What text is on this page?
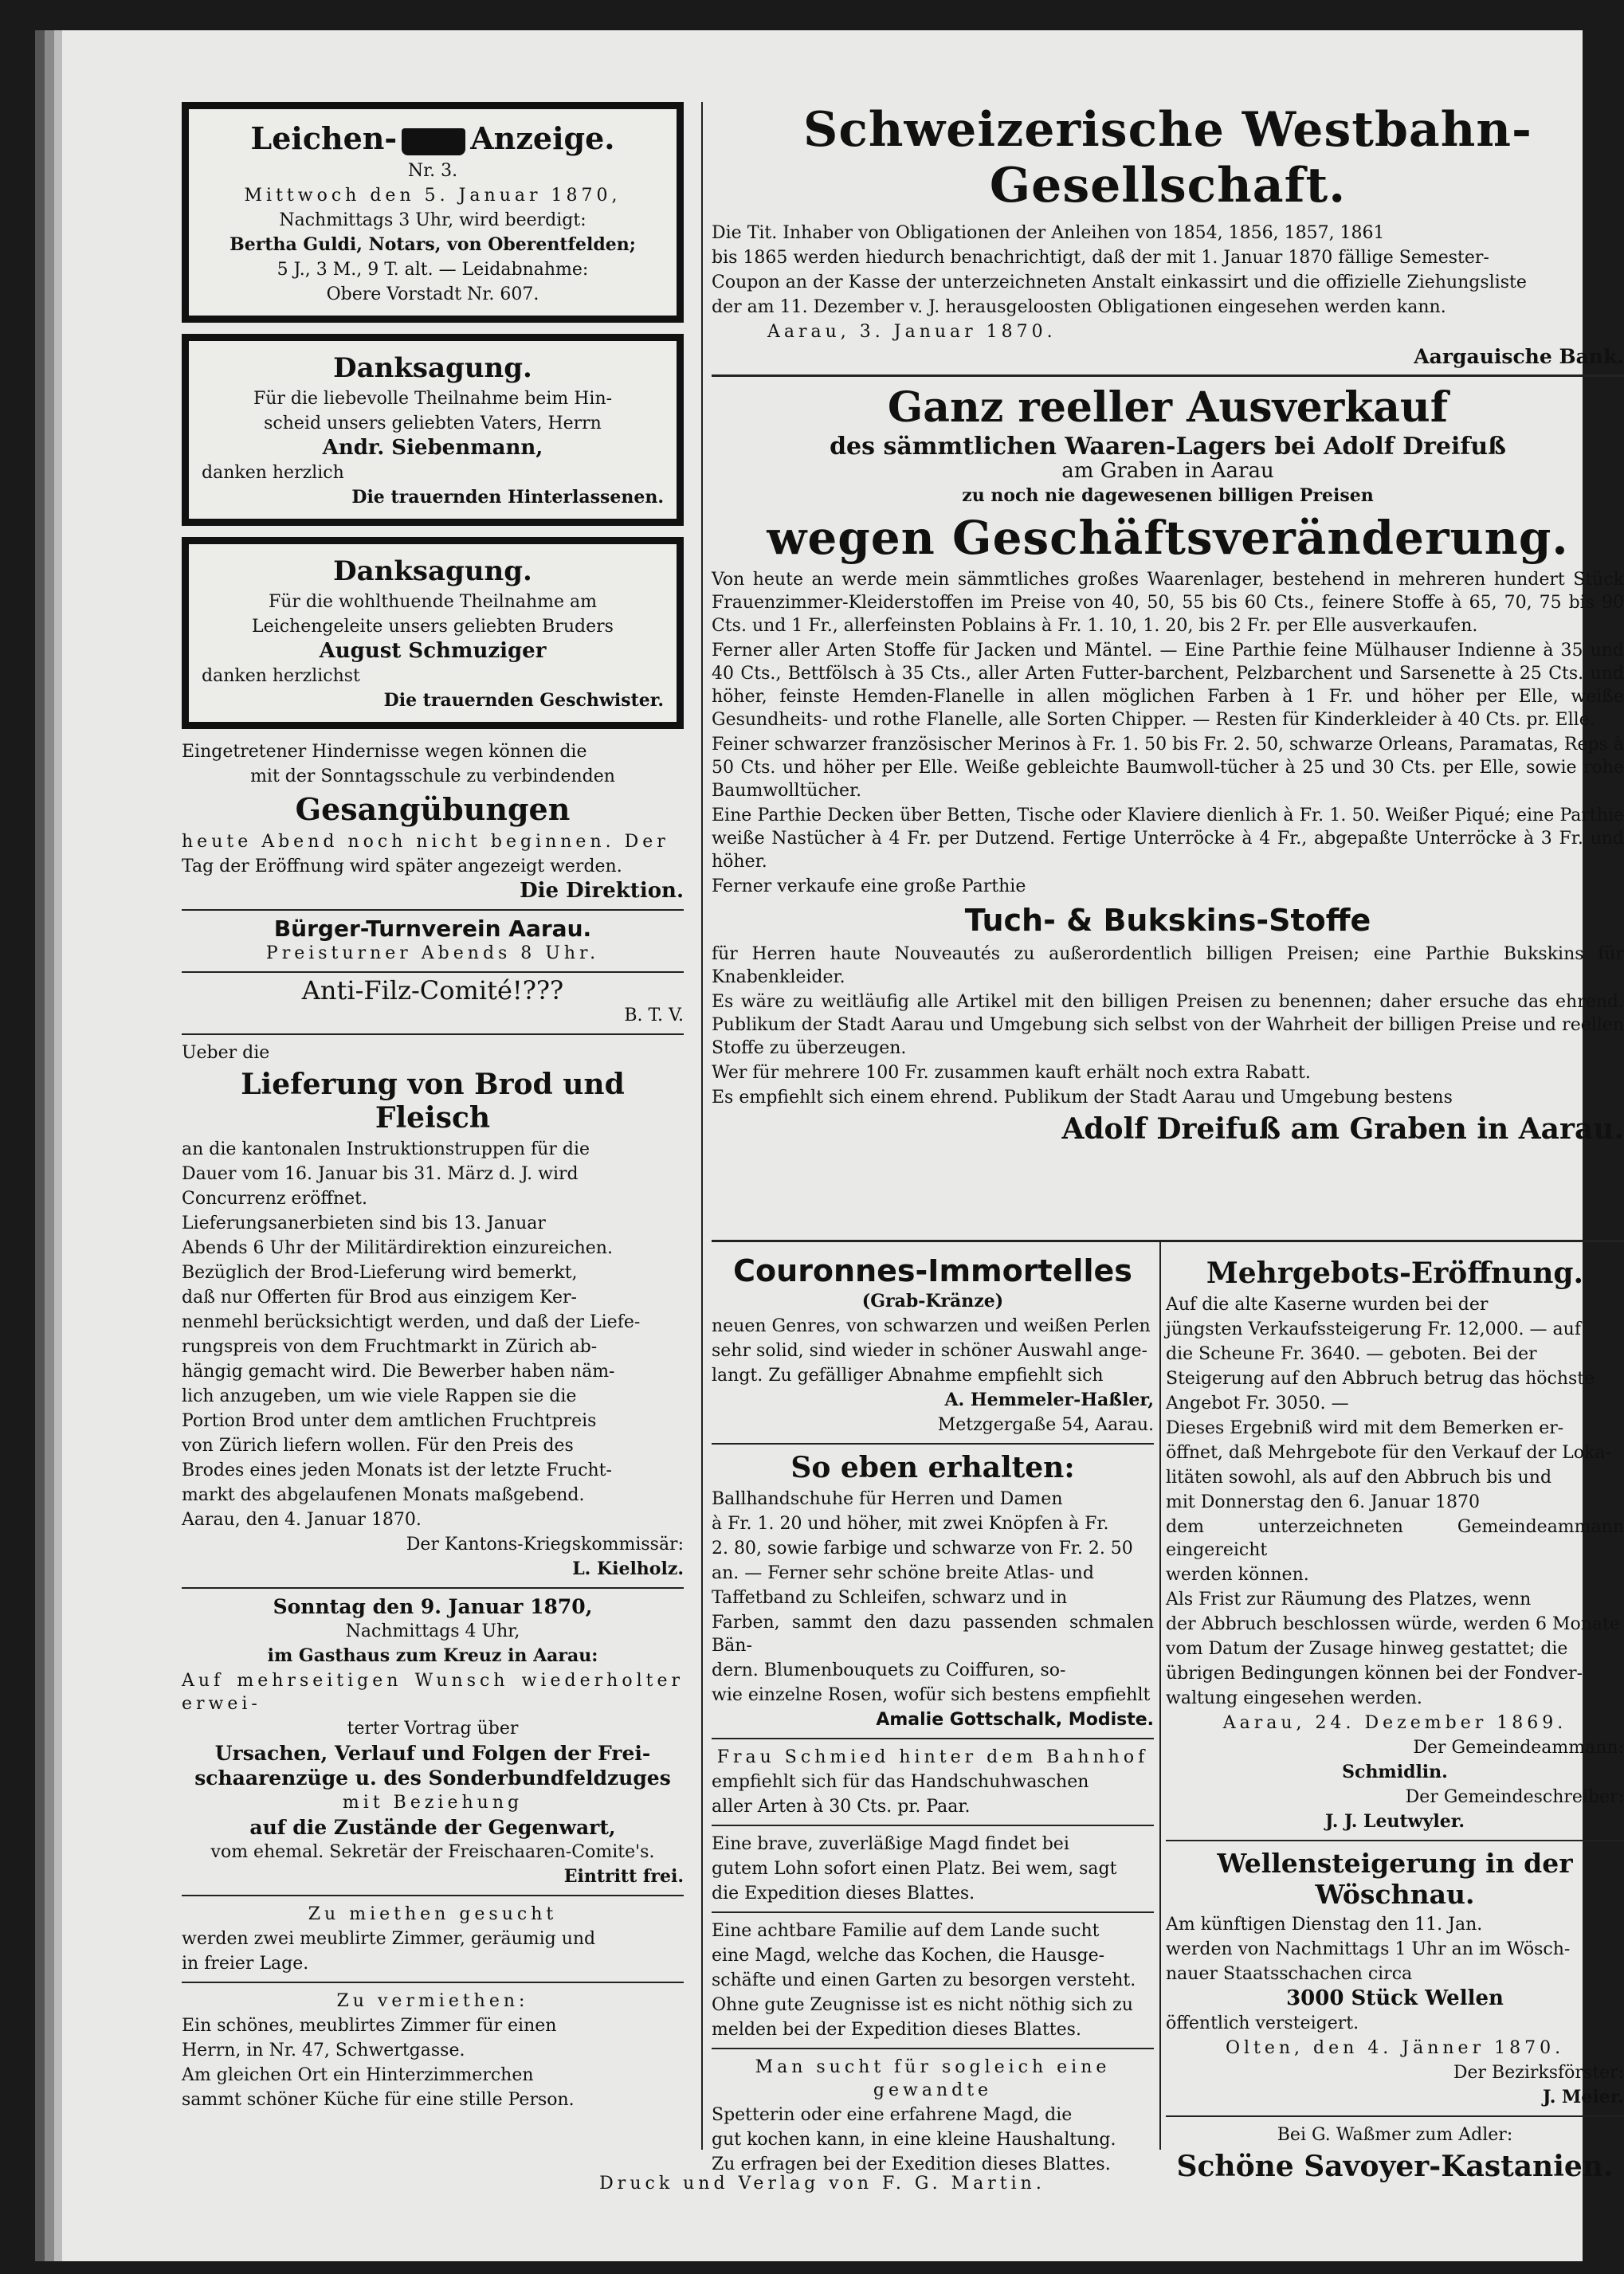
Leichen- Anzeige.

Nr. 3.

Mittwoch den 5. Januar 1870,

Nachmittags 3 Uhr, wird beerdigt:

Bertha Guldi, Notars, von Oberentfelden;

5 J., 3 M., 9 T. alt. — Leidabnahme:

Obere Vorstadt Nr. 607.

Danksagung.

Für die liebevolle Theilnahme beim Hin-

scheid unsers geliebten Vaters, Herrn

Andr. Siebenmann,

danken herzlich

Die trauernden Hinterlassenen.

Danksagung.

Für die wohlthuende Theilnahme am

Leichengeleite unsers geliebten Bruders

August Schmuziger

danken herzlichst

Die trauernden Geschwister.

Eingetretener Hindernisse wegen können die

mit der Sonntagsschule zu verbindenden

Gesangübungen

heute Abend noch nicht beginnen. Der

Tag der Eröffnung wird später angezeigt werden.

Die Direktion.

Bürger-Turnverein Aarau.

Preisturner Abends 8 Uhr.

Anti-Filz-Comité!???

B. T. V.

Ueber die

Lieferung von Brod und Fleisch

an die kantonalen Instruktionstruppen für die

Dauer vom 16. Januar bis 31. März d. J. wird

Concurrenz eröffnet.

Lieferungsanerbieten sind bis 13. Januar

Abends 6 Uhr der Militärdirektion einzureichen.

Bezüglich der Brod-Lieferung wird bemerkt,

daß nur Offerten für Brod aus einzigem Ker-

nenmehl berücksichtigt werden, und daß der Liefe-

rungspreis von dem Fruchtmarkt in Zürich ab-

hängig gemacht wird. Die Bewerber haben näm-

lich anzugeben, um wie viele Rappen sie die

Portion Brod unter dem amtlichen Fruchtpreis

von Zürich liefern wollen. Für den Preis des

Brodes eines jeden Monats ist der letzte Frucht-

markt des abgelaufenen Monats maßgebend.

Aarau, den 4. Januar 1870.

Der Kantons-Kriegskommissär:

L. Kielholz.

Sonntag den 9. Januar 1870,

Nachmittags 4 Uhr,

im Gasthaus zum Kreuz in Aarau:

Auf mehrseitigen Wunsch wiederholter erwei-

terter Vortrag über

Ursachen, Verlauf und Folgen der Frei-

schaarenzüge u. des Sonderbundfeldzuges

mit Beziehung

auf die Zustände der Gegenwart,

vom ehemal. Sekretär der Freischaaren-Comite's.

Eintritt frei.

Zu miethen gesucht

werden zwei meublirte Zimmer, geräumig und

in freier Lage.

Zu vermiethen:

Ein schönes, meublirtes Zimmer für einen

Herrn, in Nr. 47, Schwertgasse.

Am gleichen Ort ein Hinterzimmerchen

sammt schöner Küche für eine stille Person.

Schweizerische Westbahn-Gesellschaft.

Die Tit. Inhaber von Obligationen der Anleihen von 1854, 1856, 1857, 1861

bis 1865 werden hiedurch benachrichtigt, daß der mit 1. Januar 1870 fällige Semester-

Coupon an der Kasse der unterzeichneten Anstalt einkassirt und die offizielle Ziehungsliste

der am 11. Dezember v. J. herausgeloosten Obligationen eingesehen werden kann.

Aarau, 3. Januar 1870.

Aargauische Bank.

Ganz reeller Ausverkauf

des sämmtlichen Waaren-Lagers bei Adolf Dreifuß

am Graben in Aarau

zu noch nie dagewesenen billigen Preisen

wegen Geschäftsveränderung.

Von heute an werde mein sämmtliches großes Waarenlager, bestehend in mehreren hundert Stück Frauenzimmer-Kleiderstoffen im Preise von 40, 50, 55 bis 60 Cts., feinere Stoffe à 65, 70, 75 bis 90 Cts. und 1 Fr., allerfeinsten Poblains à Fr. 1. 10, 1. 20, bis 2 Fr. per Elle ausverkaufen.

Ferner aller Arten Stoffe für Jacken und Mäntel. — Eine Parthie feine Mülhauser Indienne à 35 und 40 Cts., Bettfölsch à 35 Cts., aller Arten Futter-barchent, Pelzbarchent und Sarsenette à 25 Cts. und höher, feinste Hemden-Flanelle in allen möglichen Farben à 1 Fr. und höher per Elle, weiße Gesundheits- und rothe Flanelle, alle Sorten Chipper. — Resten für Kinderkleider à 40 Cts. pr. Elle.

Feiner schwarzer französischer Merinos à Fr. 1. 50 bis Fr. 2. 50, schwarze Orleans, Paramatas, Reps à 50 Cts. und höher per Elle. Weiße gebleichte Baumwoll-tücher à 25 und 30 Cts. per Elle, sowie rohe Baumwolltücher.

Eine Parthie Decken über Betten, Tische oder Klaviere dienlich à Fr. 1. 50. Weißer Piqué; eine Parthie weiße Nastücher à 4 Fr. per Dutzend. Fertige Unterröcke à 4 Fr., abgepaßte Unterröcke à 3 Fr. und höher.

Ferner verkaufe eine große Parthie

Tuch- & Bukskins-Stoffe

für Herren haute Nouveautés zu außerordentlich billigen Preisen; eine Parthie Bukskins für Knabenkleider.

Es wäre zu weitläufig alle Artikel mit den billigen Preisen zu benennen; daher ersuche das ehrend. Publikum der Stadt Aarau und Umgebung sich selbst von der Wahrheit der billigen Preise und reellen Stoffe zu überzeugen.

Wer für mehrere 100 Fr. zusammen kauft erhält noch extra Rabatt.

Es empfiehlt sich einem ehrend. Publikum der Stadt Aarau und Umgebung bestens

Adolf Dreifuß am Graben in Aarau.

Couronnes-Immortelles

(Grab-Kränze)

neuen Genres, von schwarzen und weißen Perlen

sehr solid, sind wieder in schöner Auswahl ange-

langt. Zu gefälliger Abnahme empfiehlt sich

A. Hemmeler-Haßler,

Metzgergaße 54, Aarau.

So eben erhalten:

Ballhandschuhe für Herren und Damen

à Fr. 1. 20 und höher, mit zwei Knöpfen à Fr.

2. 80, sowie farbige und schwarze von Fr. 2. 50

an. — Ferner sehr schöne breite Atlas- und

Taffetband zu Schleifen, schwarz und in

Farben, sammt den dazu passenden schmalen Bän-

dern. Blumenbouquets zu Coiffuren, so-

wie einzelne Rosen, wofür sich bestens empfiehlt

Amalie Gottschalk, Modiste.

Frau Schmied hinter dem Bahnhof

empfiehlt sich für das Handschuhwaschen

aller Arten à 30 Cts. pr. Paar.

Eine brave, zuverläßige Magd findet bei

gutem Lohn sofort einen Platz. Bei wem, sagt

die Expedition dieses Blattes.

Eine achtbare Familie auf dem Lande sucht

eine Magd, welche das Kochen, die Hausge-

schäfte und einen Garten zu besorgen versteht.

Ohne gute Zeugnisse ist es nicht nöthig sich zu

melden bei der Expedition dieses Blattes.

Man sucht für sogleich eine gewandte

Spetterin oder eine erfahrene Magd, die

gut kochen kann, in eine kleine Haushaltung.

Zu erfragen bei der Exedition dieses Blattes.

Mehrgebots-Eröffnung.

Auf die alte Kaserne wurden bei der

jüngsten Verkaufssteigerung Fr. 12,000. — auf

die Scheune Fr. 3640. — geboten. Bei der

Steigerung auf den Abbruch betrug das höchste

Angebot Fr. 3050. —

Dieses Ergebniß wird mit dem Bemerken er-

öffnet, daß Mehrgebote für den Verkauf der Loka-

litäten sowohl, als auf den Abbruch bis und

mit Donnerstag den 6. Januar 1870

dem unterzeichneten Gemeindeammann eingereicht

werden können.

Als Frist zur Räumung des Platzes, wenn

der Abbruch beschlossen würde, werden 6 Monate

vom Datum der Zusage hinweg gestattet; die

übrigen Bedingungen können bei der Fondver-

waltung eingesehen werden.

Aarau, 24. Dezember 1869.

Der Gemeindeammann:

Schmidlin.

Der Gemeindeschreiber:

J. J. Leutwyler.

Wellensteigerung in der Wöschnau.

Am künftigen Dienstag den 11. Jan.

werden von Nachmittags 1 Uhr an im Wösch-

nauer Staatsschachen circa

3000 Stück Wellen

öffentlich versteigert.

Olten, den 4. Jänner 1870.

Der Bezirksförster:

J. Meier.

Bei G. Waßmer zum Adler:

Schöne Savoyer-Kastanien.
Druck und Verlag von F. G. Martin.
